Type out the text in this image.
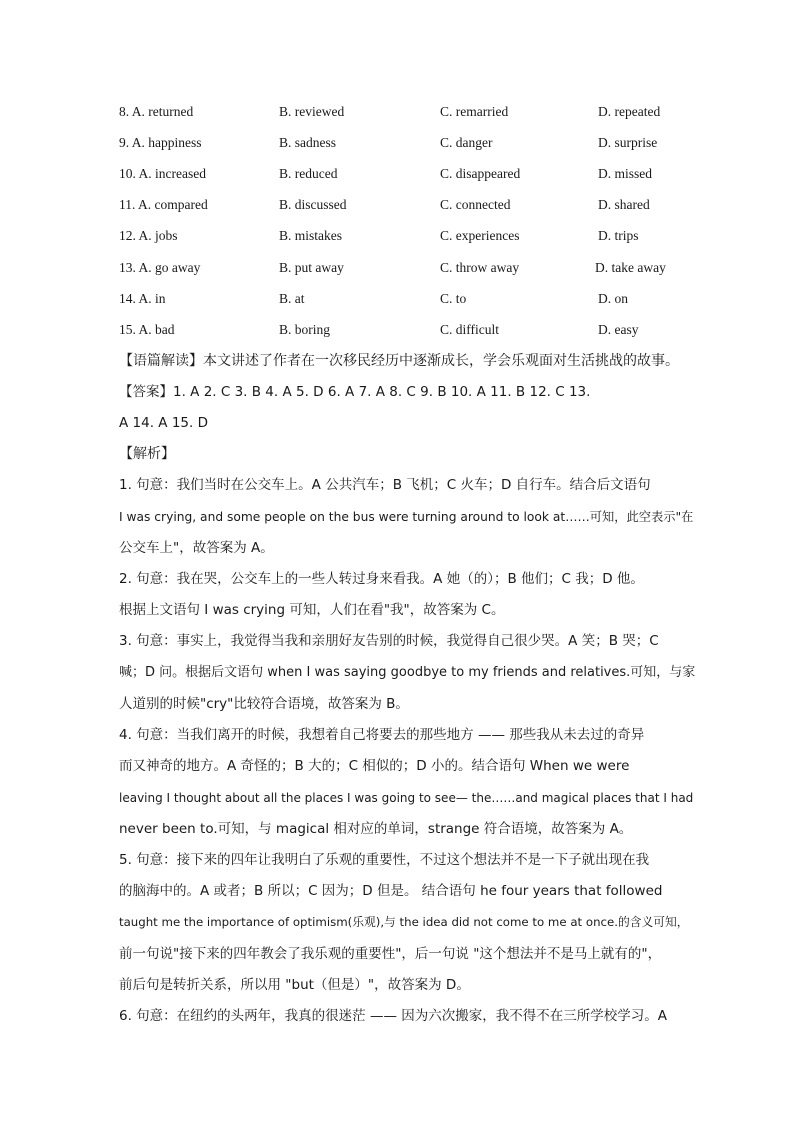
8. A. returned	B. reviewed	C. remarried	D. repeated
9. A. happiness	B. sadness	C. danger	D. surprise
10. A. increased	B. reduced	C. disappeared	D. missed
11. A. compared	B. discussed	C. connected	D. shared
12. A. jobs	B. mistakes	C. experiences	D. trips
13. A. go away	B. put away	C. throw away	D. take away
14. A. in	B. at	C. to	D. on
15. A. bad	B. boring	C. difficult	D. easy
【语篇解读】本文讲述了作者在一次移民经历中逐渐成长，学会乐观面对生活挑战的故事。
【答案】1. A 2. C 3. B 4. A 5. D 6. A 7. A 8. C 9. B 10. A 11. B 12. C 13.
A 14. A 15. D
【解析】
1. 句意：我们当时在公交车上。A 公共汽车；B 飞机；C 火车；D 自行车。结合后文语句
I was crying, and some people on the bus were turning around to look at……可知，此空表示"在
公交车上"，故答案为 A。
2. 句意：我在哭，公交车上的一些人转过身来看我。A 她（的）；B 他们；C 我；D 他。
根据上文语句 I was crying 可知，人们在看"我"，故答案为 C。
3. 句意：事实上，我觉得当我和亲朋好友告别的时候，我觉得自己很少哭。A 笑；B 哭；C
喊；D 问。根据后文语句 when I was saying goodbye to my friends and relatives.可知，与家
人道别的时候"cry"比较符合语境，故答案为 B。
4. 句意：当我们离开的时候，我想着自己将要去的那些地方 —— 那些我从未去过的奇异
而又神奇的地方。A 奇怪的；B 大的；C 相似的；D 小的。结合语句 When we were
leaving I thought about all the places I was going to see— the……and magical places that I had
never been to.可知，与 magical 相对应的单词，strange 符合语境，故答案为 A。
5. 句意：接下来的四年让我明白了乐观的重要性，不过这个想法并不是一下子就出现在我
的脑海中的。A 或者；B 所以；C 因为；D 但是。 结合语句 he four years that followed
taught me the importance of optimism(乐观),与 the idea did not come to me at once.的含义可知，
前一句说"接下来的四年教会了我乐观的重要性"，后一句说 "这个想法并不是马上就有的"，
前后句是转折关系，所以用 "but（但是）"，故答案为 D。
6. 句意：在纽约的头两年，我真的很迷茫 —— 因为六次搬家，我不得不在三所学校学习。A
